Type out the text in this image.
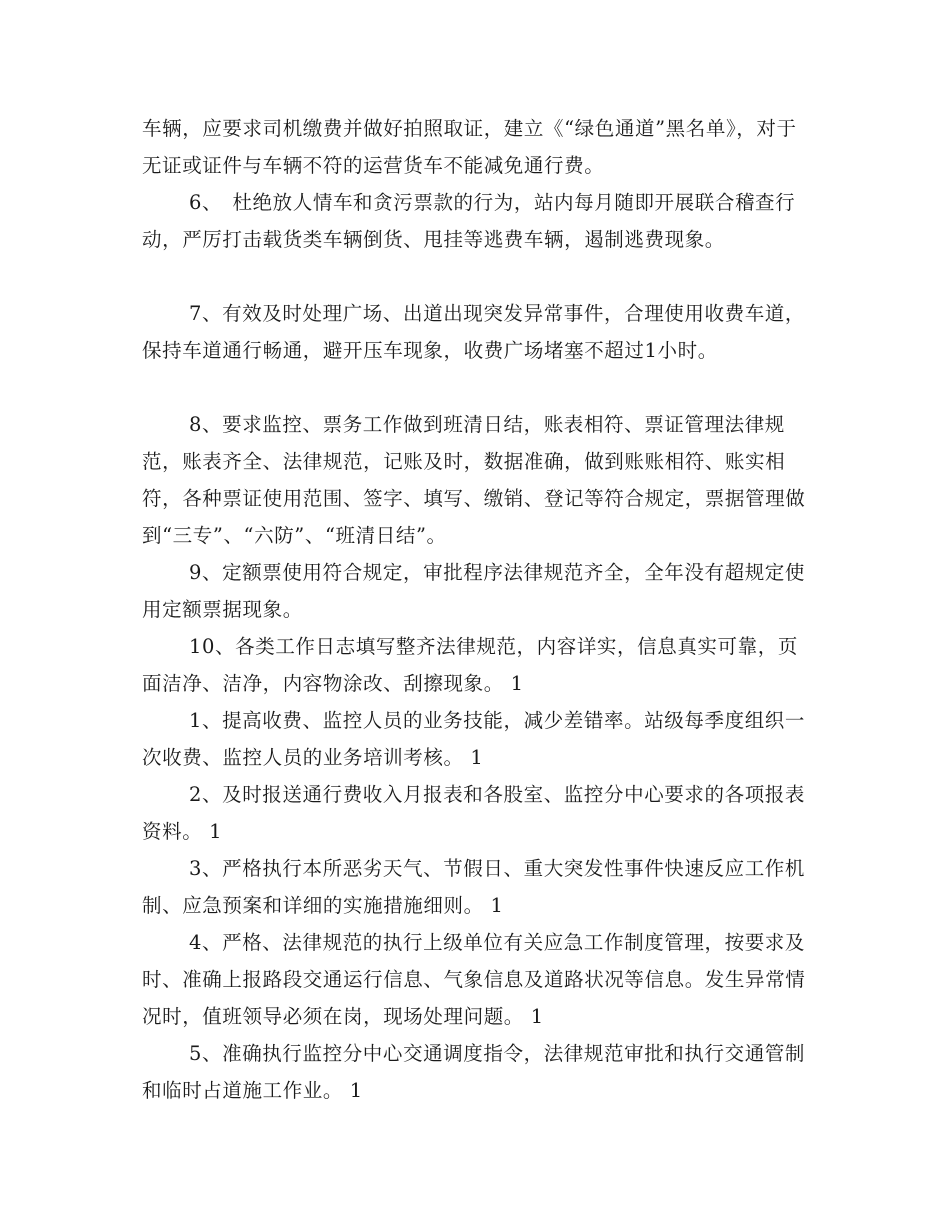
车辆，应要求司机缴费并做好拍照取证，建立《“绿色通道”黑名单》，对于无证或证件与车辆不符的运营货车不能减免通行费。

6、　杜绝放人情车和贪污票款的行为，站内每月随即开展联合稽查行动，严厉打击载货类车辆倒货、甩挂等逃费车辆，遏制逃费现象。

7、有效及时处理广场、出道出现突发异常事件，合理使用收费车道，保持车道通行畅通，避开压车现象，收费广场堵塞不超过1小时。

8、要求监控、票务工作做到班清日结，账表相符、票证管理法律规范，账表齐全、法律规范，记账及时，数据准确，做到账账相符、账实相符，各种票证使用范围、签字、填写、缴销、登记等符合规定，票据管理做到“三专”、“六防”、“班清日结”。

9、定额票使用符合规定，审批程序法律规范齐全，全年没有超规定使用定额票据现象。

10、各类工作日志填写整齐法律规范，内容详实，信息真实可靠，页面洁净、洁净，内容物涂改、刮擦现象。 1

1、提高收费、监控人员的业务技能，减少差错率。站级每季度组织一次收费、监控人员的业务培训考核。 1

2、及时报送通行费收入月报表和各股室、监控分中心要求的各项报表资料。 1

3、严格执行本所恶劣天气、节假日、重大突发性事件快速反应工作机制、应急预案和详细的实施措施细则。 1

4、严格、法律规范的执行上级单位有关应急工作制度管理，按要求及时、准确上报路段交通运行信息、气象信息及道路状况等信息。发生异常情况时，值班领导必须在岗，现场处理问题。 1

5、准确执行监控分中心交通调度指令，法律规范审批和执行交通管制和临时占道施工作业。 1
